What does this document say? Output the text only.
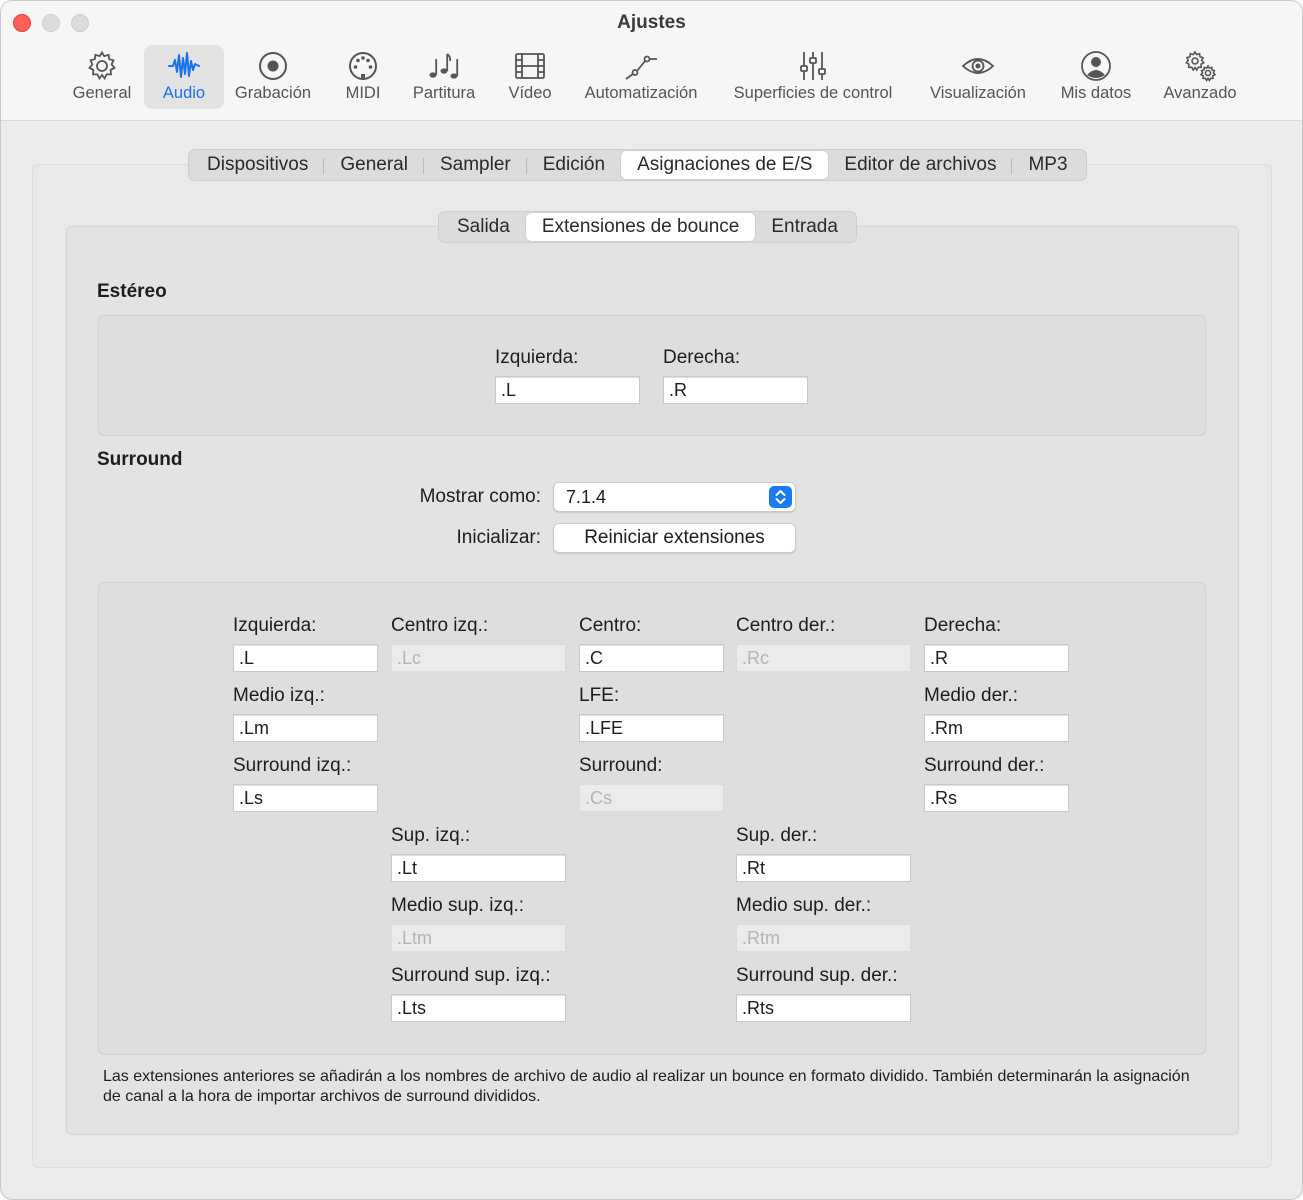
Ajustes
General	Audio	Grabación	MIDI	Partitura	Vídeo	Automatización	Superficies de control	Visualización	Mis datos	Avanzado
Dispositivos	General	Sampler	Edición	Asignaciones de E/S	Editor de archivos	MP3
Salida	Extensiones de bounce	Entrada
Estéreo
Izquierda:
.L	Derecha:
.R
Surround
Mostrar como: 7.1.4
Inicializar:	Reiniciar extensiones
Izquierda:
.L	Centro izq.:
.Lc	Centro:
.C	Centro der.:
.Rc	Derecha:
.R
Medio izq.:
.Lm	LFE:
.LFE	Medio der.:
.Rm
Surround izq.:
.Ls	Surround:
.Cs	Surround der.:
.Rs
Sup. izq.:
.Lt	Sup. der.:
.Rt
Medio sup. izq.:
.Ltm	Medio sup. der.:
.Rtm
Surround sup. izq.:
.Lts	Surround sup. der.:
.Rts
Las extensiones anteriores se añadirán a los nombres de archivo de audio al realizar un bounce en formato dividido. También determinarán la asignación de canal a la hora de importar archivos de surround divididos.
